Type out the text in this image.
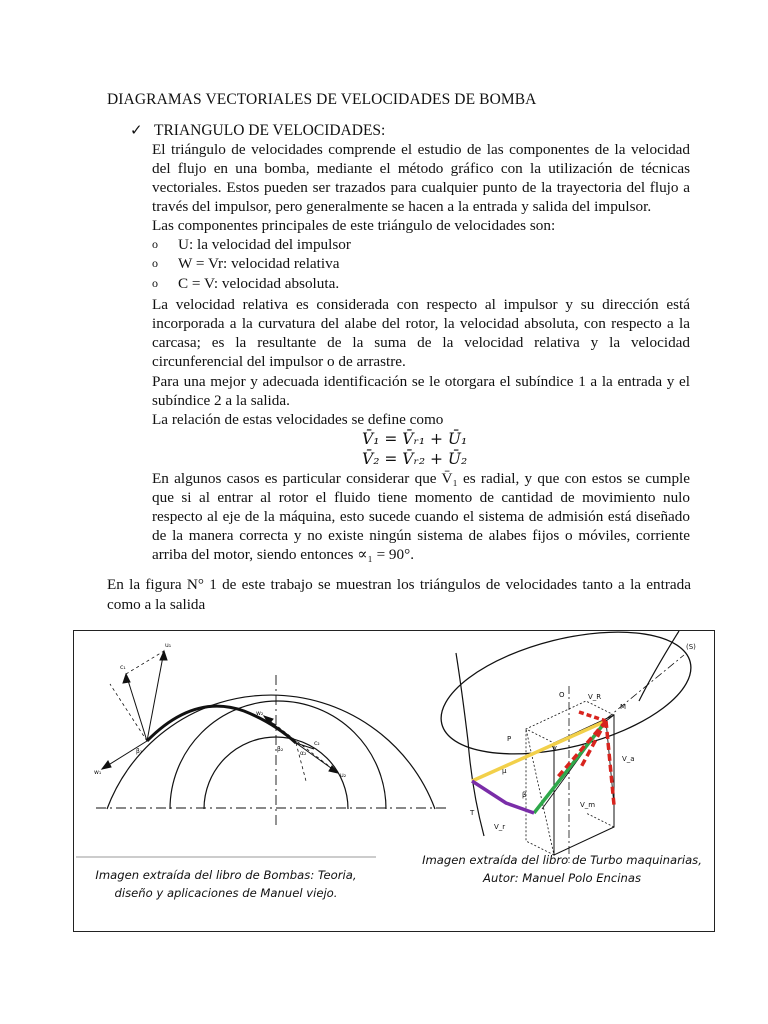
DIAGRAMAS VECTORIALES DE VELOCIDADES DE BOMBA
✓ TRIANGULO DE VELOCIDADES:
El triángulo de velocidades comprende el estudio de las componentes de la velocidad del flujo en una bomba, mediante el método gráfico con la utilización de técnicas vectoriales. Estos pueden ser trazados para cualquier punto de la trayectoria del flujo a través del impulsor, pero generalmente se hacen a la entrada y salida del impulsor.
Las componentes principales de este triángulo de velocidades son:
o	U: la velocidad del impulsor
o	W = Vr: velocidad relativa
o	C = V: velocidad absoluta.
La velocidad relativa es considerada con respecto al impulsor y su dirección está incorporada a la curvatura del alabe del rotor, la velocidad absoluta, con respecto a la carcasa; es la resultante de la suma de la velocidad relativa y la velocidad circunferencial del impulsor o de arrastre.
Para una mejor y adecuada identificación se le otorgara el subíndice 1 a la entrada y el subíndice 2 a la salida.
La relación de estas velocidades se define como
V̄₁ = V̄ᵣ₁ + Ū₁
V̄₂ = V̄ᵣ₂ + Ū₂
En algunos casos es particular considerar que V̄₁ es radial, y que con estos se cumple que si al entrar al rotor el fluido tiene momento de cantidad de movimiento nulo respecto al eje de la máquina, esto sucede cuando el sistema de admisión está diseñado de la manera correcta y no existe ningún sistema de alabes fijos o móviles, corriente arriba del motor, siendo entonces ∝₁ = 90°.
En la figura N° 1 de este trabajo se muestran los triángulos de velocidades tanto a la entrada como a la salida
c₁
u₁
w₁
β₁
w₂
c₂
u₂
β₂
α₂
(S)
O	V_R
M
P
V
V_a
μ
β
T
V_m
V_r
Imagen extraída del libro de Bombas: Teoria, diseño y aplicaciones de Manuel viejo.
Imagen extraída del libro de Turbo maquinarias, Autor: Manuel Polo Encinas
